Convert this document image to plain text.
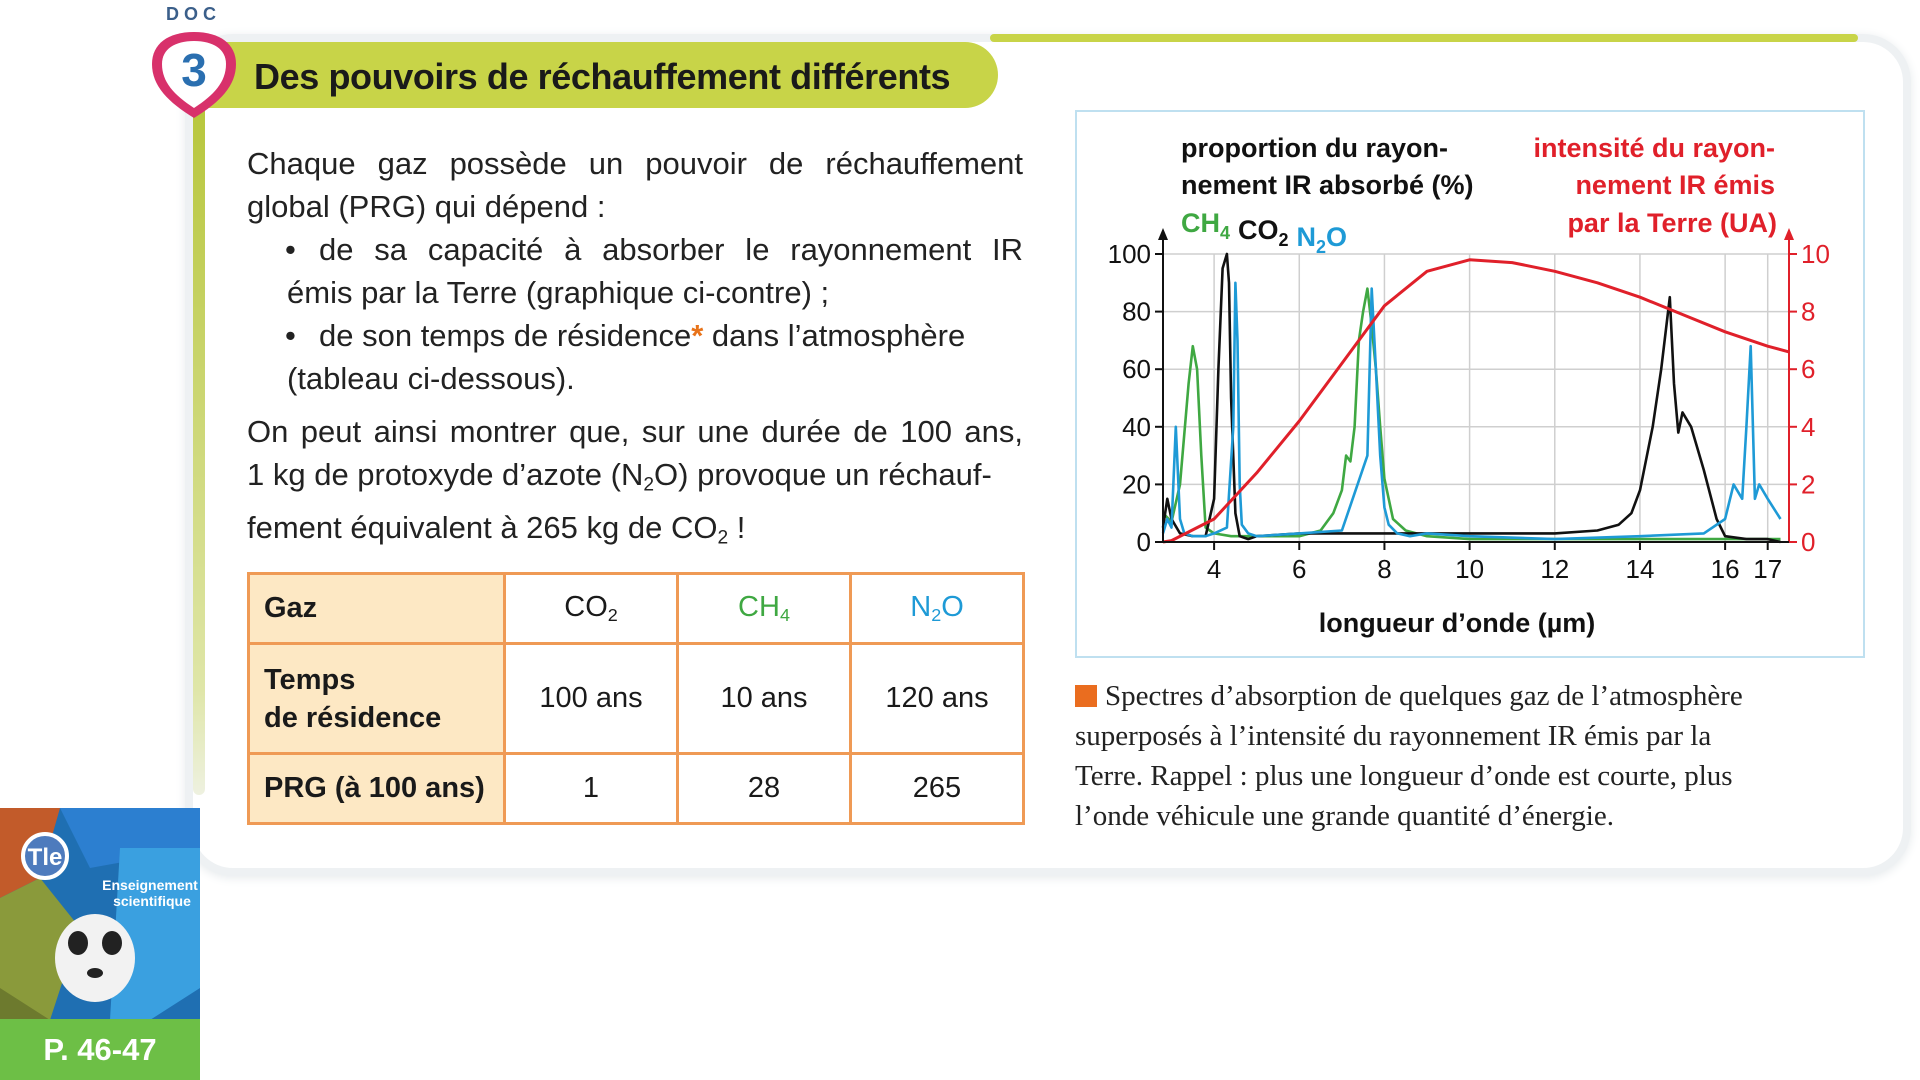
DOC
3 Des pouvoirs de réchauffement différents
Chaque gaz possède un pouvoir de réchauffement
global (PRG) qui dépend :
• de sa capacité à absorber le rayonnement IR
émis par la Terre (graphique ci-contre) ;
• de son temps de résidence* dans l’atmosphère
(tableau ci-dessous).
On peut ainsi montrer que, sur une durée de 100 ans,
1 kg de protoxyde d’azote $(N_2O)$ provoque un réchauf-
fement équivalent à 265 kg de $CO_2$ !
Gaz	$CO_2$	$CH_4$	$N_2O$

Temps
de résidence	100 ans	10 ans	120 ans
PRG (à 100 ans)	1	28	265
proportion du rayon-
nement IR absorbé (%)
intensité du rayon-
nement IR émis
par la Terre (UA)
$CH_4$ $CO_2$ $N_2O$
0
20
40
60
80
100
0
2
4
6
8
10
4	6	8 10 12 14 16 17
longueur d’onde (µm)
Spectres d’absorption de quelques gaz de l’atmosphère
superposés à l’intensité du rayonnement IR émis par la
Terre. Rappel : plus une longueur d’onde est courte, plus
l’onde véhicule une grande quantité d’énergie.
Tle
Enseignement
scientifique
P. 46-47
